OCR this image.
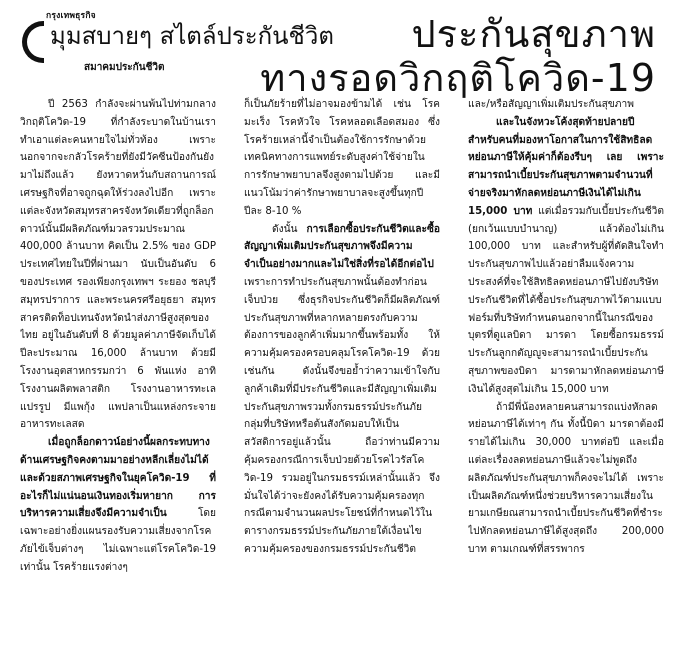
กรุงเทพธุรกิจ
มุมสบายๆ สไตล์ประกันชีวิต
สมาคมประกันชีวิต
ประกันสุขภาพ
ทางรอดวิกฤติโควิด-19

ปี 2563 กำลังจะผ่านพ้นไปท่ามกลางวิกฤติโควิด-19 ที่กำลังระบาดในบ้านเรา ทำเอาแต่ละคนหายใจไม่ทั่วท้อง เพราะนอกจากจะกลัวโรคร้ายที่ยังมีวัคซีนป้องกันยังมาไม่ถึงแล้ว ยังหวาดหวั่นกับสถานการณ์เศรษฐกิจที่อาจถูกฉุดให้ร่วงลงไปอีก เพราะแต่ละจังหวัดสมุทรสาครจังหวัดเดียวที่ถูกล็อกดาวน์นั้นมีผลิตภัณฑ์มวลรวมประมาณ 400,000 ล้านบาท คิดเป็น 2.5% ของ GDP ประเทศไทยในปีที่ผ่านมา นับเป็นอันดับ 6 ของประเทศ รองเพียงกรุงเทพฯ ระยอง ชลบุรี สมุทรปราการ และพระนครศรีอยุธยา สมุทรสาครติดท็อปเทนจังหวัดนำส่งภาษีสูงสุดของไทย อยู่ในอันดับที่ 8 ด้วยมูลค่าภาษีจัดเก็บได้ปีละประมาณ 16,000 ล้านบาท ด้วยมีโรงงานอุตสาหกรรมกว่า 6 พันแห่ง อาทิ โรงงานผลิตพลาสติก โรงงานอาหารทะเลแปรรูป มีแพกุ้ง แพปลาเป็นแหล่งกระจายอาหารทะเลสด

เมื่อถูกล็อกดาวน์อย่างนี้ผลกระทบทางด้านเศรษฐกิจคงตามมาอย่างหลีกเลี่ยงไม่ได้ และด้วยสภาพเศรษฐกิจในยุคโควิด-19 ที่อะไรก็ไม่แน่นอนเงินทองเริ่มหายาก การบริหารความเสี่ยงจึงมีความจำเป็น โดยเฉพาะอย่างยิ่งแผนรองรับความเสี่ยงจากโรคภัยไข้เจ็บต่างๆ ไม่เฉพาะแต่โรคโควิด-19 เท่านั้น โรคร้ายแรงต่างๆ

ก็เป็นภัยร้ายที่ไม่อาจมองข้ามได้ เช่น โรคมะเร็ง โรคหัวใจ โรคหลอดเลือดสมอง ซึ่งโรคร้ายเหล่านี้จำเป็นต้องใช้การรักษาด้วยเทคนิคทางการแพทย์ระดับสูงค่าใช้จ่ายในการรักษาพยาบาลจึงสูงตามไปด้วย และมีแนวโน้มว่าค่ารักษาพยาบาลจะสูงขึ้นทุกปี ปีละ 8-10 %

ดังนั้น การเลือกซื้อประกันชีวิตและซื้อสัญญาเพิ่มเติมประกันสุขภาพจึงมีความจำเป็นอย่างมากและไม่ใช่สิ่งที่รอได้อีกต่อไป เพราะการทำประกันสุขภาพนั้นต้องทำก่อนเจ็บป่วย ซึ่งธุรกิจประกันชีวิตก็มีผลิตภัณฑ์ประกันสุขภาพที่หลากหลายตรงกับความต้องการของลูกค้าเพิ่มมากขึ้นพร้อมทั้ง ให้ความคุ้มครองครอบคลุมโรคโควิด-19 ด้วยเช่นกัน ดังนั้นจึงขอย้ำว่าความเข้าใจกับลูกค้าเดิมที่มีประกันชีวิตและมีสัญญาเพิ่มเติมประกันสุขภาพรวมทั้งกรมธรรม์ประกันภัยกลุ่มที่บริษัทหรือต้นสังกัดมอบให้เป็นสวัสดิการอยู่แล้วนั้น ถือว่าท่านมีความคุ้มครองกรณีการเจ็บป่วยด้วยโรคไวรัสโควิด-19 รวมอยู่ในกรมธรรม์เหล่านั้นแล้ว จึงมั่นใจได้ว่าจะยังคงได้รับความคุ้มครองทุกกรณีตามจำนวนผลประโยชน์ที่กำหนดไว้ในตารางกรมธรรม์ประกันภัยภายใต้เงื่อนไขความคุ้มครองของกรมธรรม์ประกันชีวิต

และ/หรือสัญญาเพิ่มเติมประกันสุขภาพ

และในจังหวะโค้งสุดท้ายปลายปีสำหรับคนที่มองหาโอกาสในการใช้สิทธิลดหย่อนภาษีให้คุ้มค่าก็ต้องรีบๆ เลย เพราะสามารถนำเบี้ยประกันสุขภาพตามจำนวนที่จ่ายจริงมาหักลดหย่อนภาษีเงินได้ไม่เกิน 15,000 บาท แต่เมื่อรวมกับเบี้ยประกันชีวิต (ยกเว้นแบบบำนาญ) แล้วต้องไม่เกิน 100,000 บาท และสำหรับผู้ที่ตัดสินใจทำประกันสุขภาพไปแล้วอย่าลืมแจ้งความประสงค์ที่จะใช้สิทธิลดหย่อนภาษีไปยังบริษัทประกันชีวิตที่ได้ซื้อประกันสุขภาพไว้ตามแบบฟอร์มที่บริษัทกำหนดนอกจากนี้ในกรณีของบุตรที่ดูแลบิดา มารดา โดยซื้อกรมธรรม์ประกันลูกกตัญญูจะสามารถนำเบี้ยประกันสุขภาพของบิดา มารดามาหักลดหย่อนภาษีเงินได้สูงสุดไม่เกิน 15,000 บาท

ถ้ามีพี่น้องหลายคนสามารถแบ่งหักลดหย่อนภาษีได้เท่าๆ กัน ทั้งนี้บิดา มารดาต้องมีรายได้ไม่เกิน 30,000 บาทต่อปี และเมื่อแต่ละเรื่องลดหย่อนภาษีแล้วจะไม่พูดถึงผลิตภัณฑ์ประกันสุขภาพก็คงจะไม่ได้ เพราะเป็นผลิตภัณฑ์หนึ่งช่วยบริหารความเสี่ยงในยามเกษียณสามารถนำเบี้ยประกันชีวิตที่ชำระไปหักลดหย่อนภาษีได้สูงสุดถึง 200,000 บาท ตามเกณฑ์ที่สรรพากร
